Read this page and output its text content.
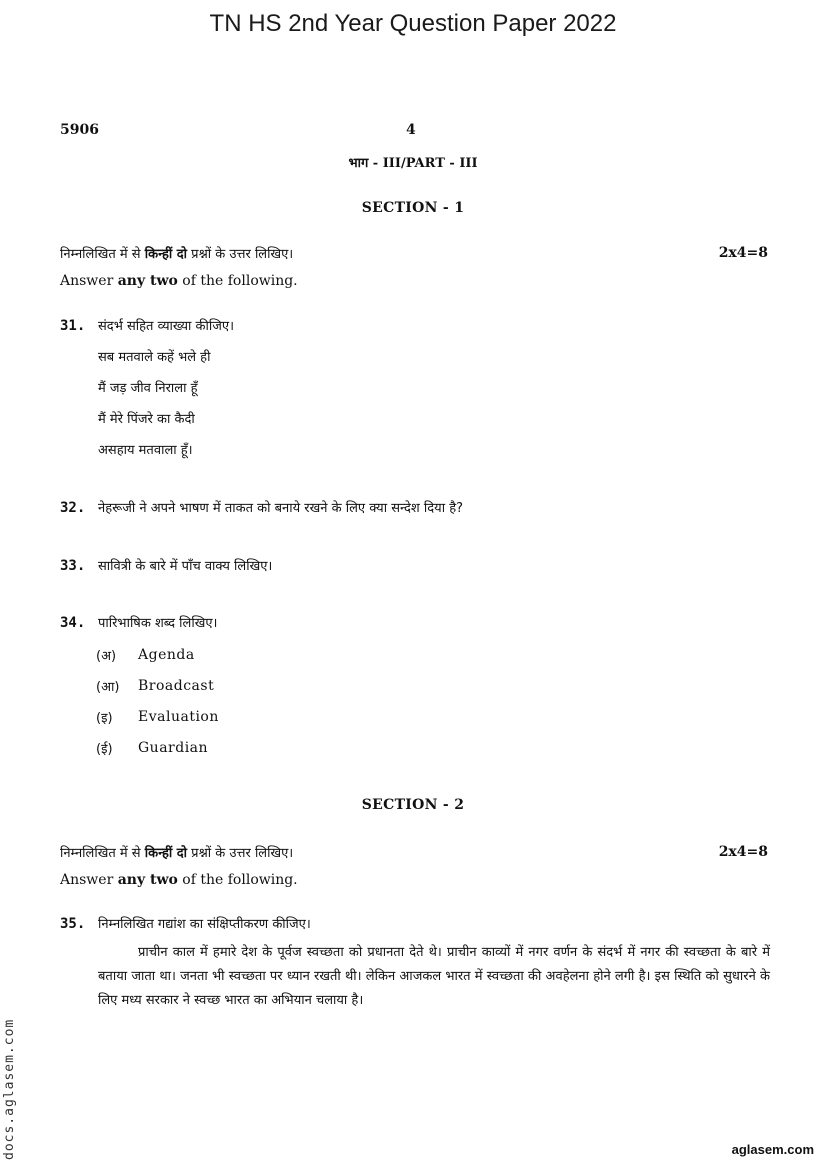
TN HS 2nd Year Question Paper 2022
5906	4
भाग - III/PART - III
SECTION - 1
निम्नलिखित में से किन्हीं दो प्रश्नों के उत्तर लिखिए।	2x4=8
Answer any two of the following.
31. संदर्भ सहित व्याख्या कीजिए।
सब मतवाले कहें भले ही
मैं जड़ जीव निराला हूँ
मैं मेरे पिंजरे का कैदी
असहाय मतवाला हूँ।
32. नेहरूजी ने अपने भाषण में ताकत को बनाये रखने के लिए क्या सन्देश दिया है?
33. सावित्री के बारे में पाँच वाक्य लिखिए।
34. पारिभाषिक शब्द लिखिए।
(अ) Agenda
(आ) Broadcast
(इ) Evaluation
(ई) Guardian
SECTION - 2
निम्नलिखित में से किन्हीं दो प्रश्नों के उत्तर लिखिए।	2x4=8
Answer any two of the following.
35. निम्नलिखित गद्यांश का संक्षिप्तीकरण कीजिए।
प्राचीन काल में हमारे देश के पूर्वज स्वच्छता को प्रधानता देते थे। प्राचीन काव्यों में नगर वर्णन के संदर्भ में नगर की स्वच्छता के बारे में बताया जाता था। जनता भी स्वच्छता पर ध्यान रखती थी। लेकिन आजकल भारत में स्वच्छता की अवहेलना होने लगी है। इस स्थिति को सुधारने के लिए मध्य सरकार ने स्वच्छ भारत का अभियान चलाया है।
docs.aglasem.com	aglasem.com
